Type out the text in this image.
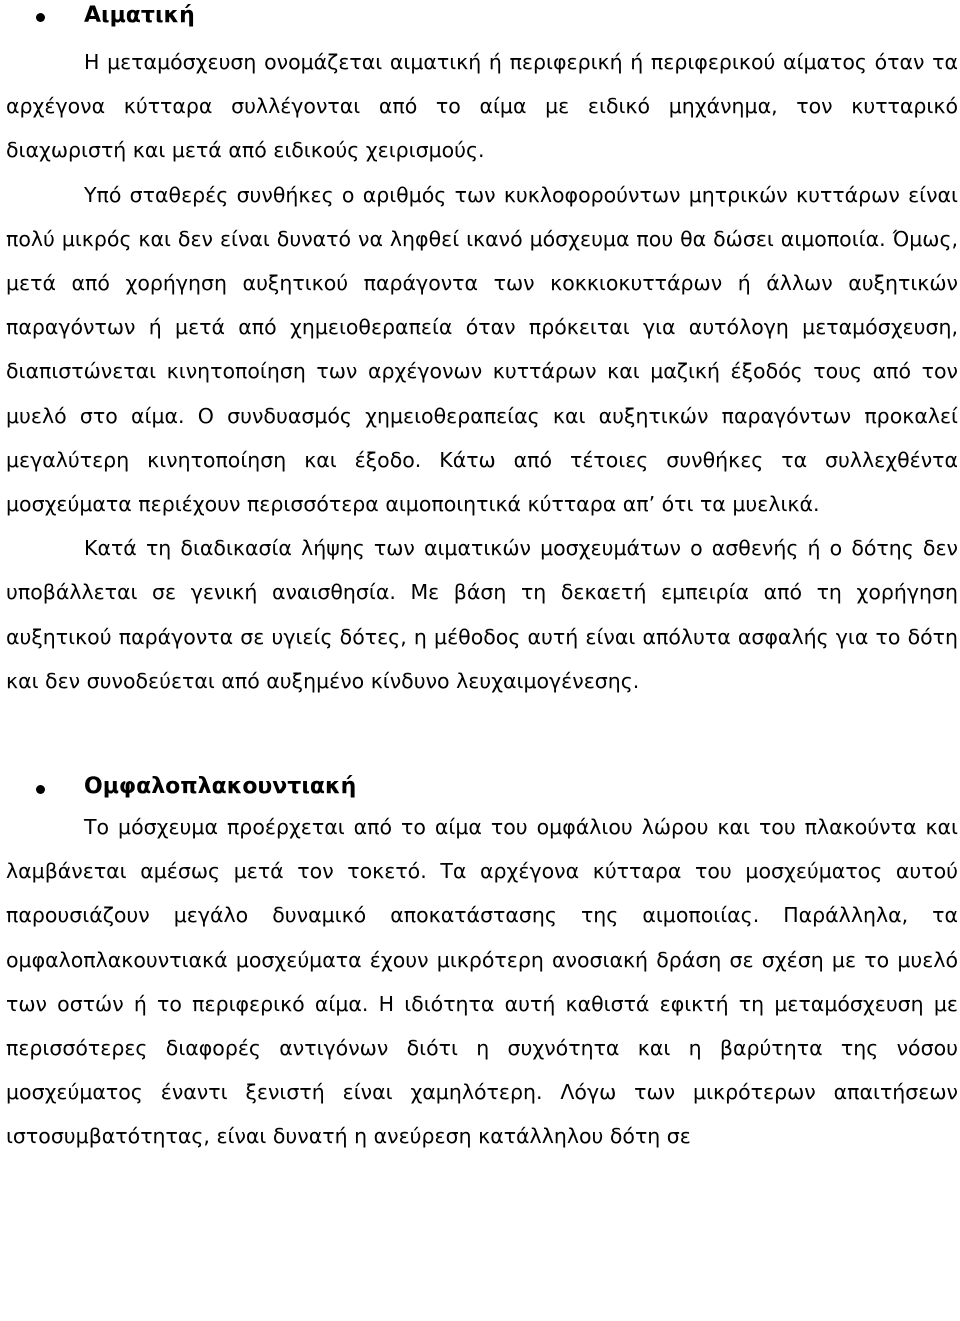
Αιματική

Η μεταμόσχευση ονομάζεται αιματική ή περιφερική ή περιφερικού αίματος όταν τα αρχέγονα κύτταρα συλλέγονται από το αίμα με ειδικό μηχάνημα, τον κυτταρικό διαχωριστή και μετά από ειδικούς χειρισμούς.

Υπό σταθερές συνθήκες ο αριθμός των κυκλοφορούντων μητρικών κυττάρων είναι πολύ μικρός και δεν είναι δυνατό να ληφθεί ικανό μόσχευμα που θα δώσει αιμοποιία. Όμως, μετά από χορήγηση αυξητικού παράγοντα των κοκκιοκυττάρων ή άλλων αυξητικών παραγόντων ή μετά από χημειοθεραπεία όταν πρόκειται για αυτόλογη μεταμόσχευση, διαπιστώνεται κινητοποίηση των αρχέγονων κυττάρων και μαζική έξοδός τους από τον μυελό στο αίμα. Ο συνδυασμός χημειοθεραπείας και αυξητικών παραγόντων προκαλεί μεγαλύτερη κινητοποίηση και έξοδο. Κάτω από τέτοιες συνθήκες τα συλλεχθέντα μοσχεύματα περιέχουν περισσότερα αιμοποιητικά κύτταρα απ’ ότι τα μυελικά.

Κατά τη διαδικασία λήψης των αιματικών μοσχευμάτων ο ασθενής ή ο δότης δεν υποβάλλεται σε γενική αναισθησία. Με βάση τη δεκαετή εμπειρία από τη χορήγηση αυξητικού παράγοντα σε υγιείς δότες, η μέθοδος αυτή είναι απόλυτα ασφαλής για το δότη και δεν συνοδεύεται από αυξημένο κίνδυνο λευχαιμογένεσης.

Ομφαλοπλακουντιακή

Το μόσχευμα προέρχεται από το αίμα του ομφάλιου λώρου και του πλακούντα και λαμβάνεται αμέσως μετά τον τοκετό. Τα αρχέγονα κύτταρα του μοσχεύματος αυτού παρουσιάζουν μεγάλο δυναμικό αποκατάστασης της αιμοποιίας. Παράλληλα, τα ομφαλοπλακουντιακά μοσχεύματα έχουν μικρότερη ανοσιακή δράση σε σχέση με το μυελό των οστών ή το περιφερικό αίμα. Η ιδιότητα αυτή καθιστά εφικτή τη μεταμόσχευση με περισσότερες διαφορές αντιγόνων διότι η συχνότητα και η βαρύτητα της νόσου μοσχεύματος έναντι ξενιστή είναι χαμηλότερη. Λόγω των μικρότερων απαιτήσεων ιστοσυμβατότητας, είναι δυνατή η ανεύρεση κατάλληλου δότη σε
